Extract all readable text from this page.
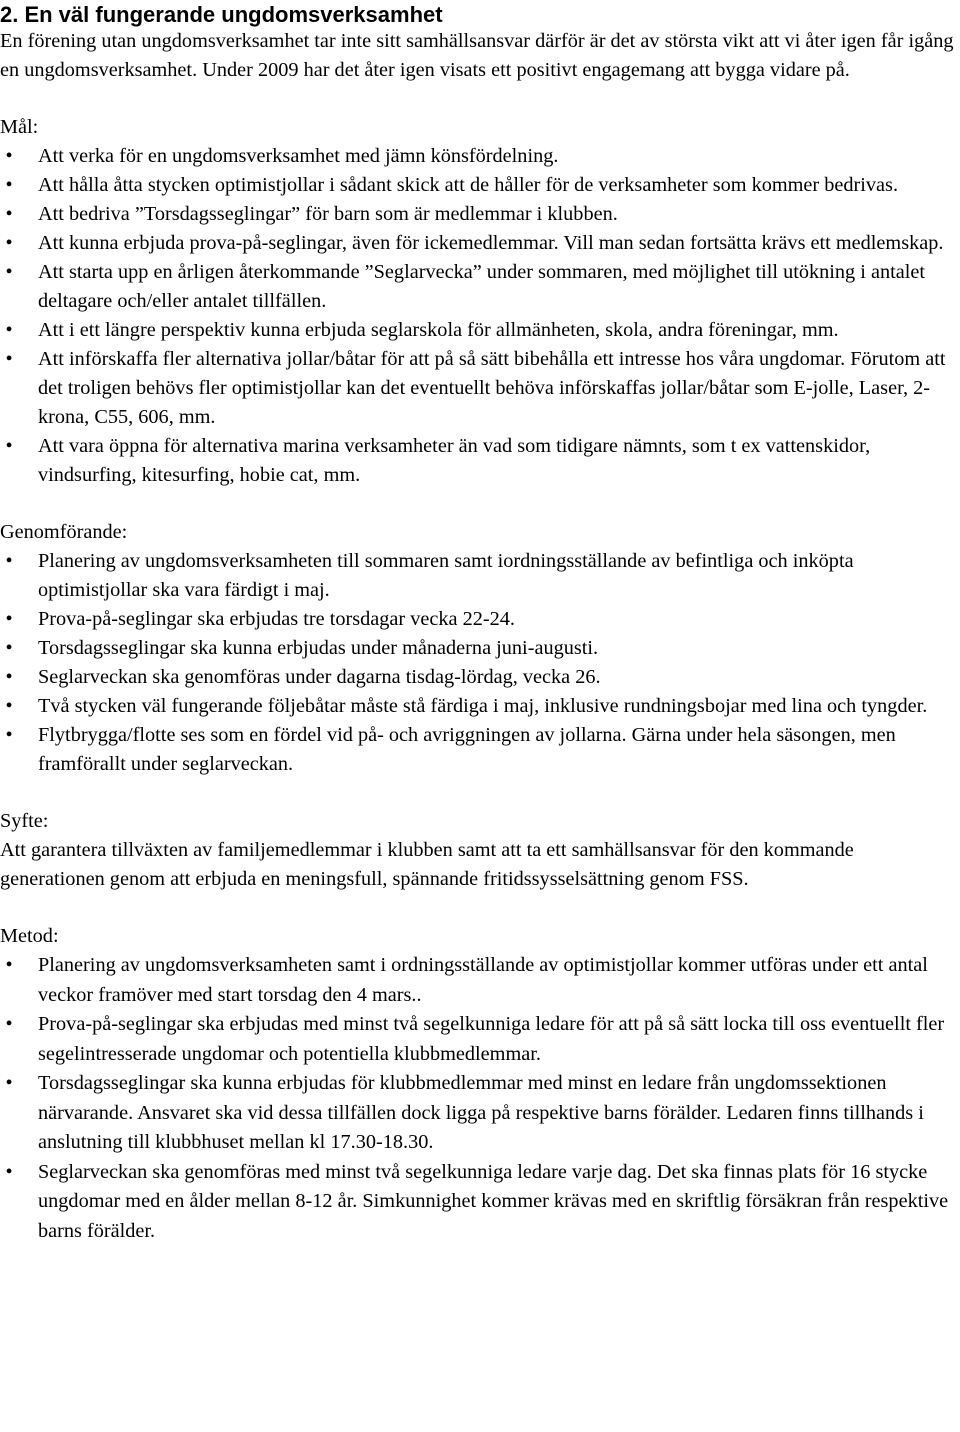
2. En väl fungerande ungdomsverksamhet

En förening utan ungdomsverksamhet tar inte sitt samhällsansvar därför är det av största vikt att vi åter igen får igång en ungdomsverksamhet. Under 2009 har det åter igen visats ett positivt engagemang att bygga vidare på.

Mål:

• Att verka för en ungdomsverksamhet med jämn könsfördelning.
• Att hålla åtta stycken optimistjollar i sådant skick att de håller för de verksamheter som kommer bedrivas.
• Att bedriva ”Torsdagsseglingar” för barn som är medlemmar i klubben.
• Att kunna erbjuda prova-på-seglingar, även för ickemedlemmar. Vill man sedan fortsätta krävs ett medlemskap.
• Att starta upp en årligen återkommande ”Seglarvecka” under sommaren, med möjlighet till utökning i antalet deltagare och/eller antalet tillfällen.
• Att i ett längre perspektiv kunna erbjuda seglarskola för allmänheten, skola, andra föreningar, mm.
• Att införskaffa fler alternativa jollar/båtar för att på så sätt bibehålla ett intresse hos våra ungdomar. Förutom att det troligen behövs fler optimistjollar kan det eventuellt behöva införskaffas jollar/båtar som E-jolle, Laser, 2-krona, C55, 606, mm.
• Att vara öppna för alternativa marina verksamheter än vad som tidigare nämnts, som t ex vattenskidor, vindsurfing, kitesurfing, hobie cat, mm.

Genomförande:

• Planering av ungdomsverksamheten till sommaren samt iordningsställande av befintliga och inköpta optimistjollar ska vara färdigt i maj.
• Prova-på-seglingar ska erbjudas tre torsdagar vecka 22-24.
• Torsdagsseglingar ska kunna erbjudas under månaderna juni-augusti.
• Seglarveckan ska genomföras under dagarna tisdag-lördag, vecka 26.
• Två stycken väl fungerande följebåtar måste stå färdiga i maj, inklusive rundningsbojar med lina och tyngder.
• Flytbrygga/flotte ses som en fördel vid på- och avriggningen av jollarna. Gärna under hela säsongen, men framförallt under seglarveckan.

Syfte:

Att garantera tillväxten av familjemedlemmar i klubben samt att ta ett samhällsansvar för den kommande generationen genom att erbjuda en meningsfull, spännande fritidssysselsättning genom FSS.

Metod:

• Planering av ungdomsverksamheten samt i ordningsställande av optimistjollar kommer utföras under ett antal veckor framöver med start torsdag den 4 mars..
• Prova-på-seglingar ska erbjudas med minst två segelkunniga ledare för att på så sätt locka till oss eventuellt fler segelintresserade ungdomar och potentiella klubbmedlemmar.
• Torsdagsseglingar ska kunna erbjudas för klubbmedlemmar med minst en ledare från ungdomssektionen närvarande. Ansvaret ska vid dessa tillfällen dock ligga på respektive barns förälder. Ledaren finns tillhands i anslutning till klubbhuset mellan kl 17.30-18.30.
• Seglarveckan ska genomföras med minst två segelkunniga ledare varje dag. Det ska finnas plats för 16 stycke ungdomar med en ålder mellan 8-12 år. Simkunnighet kommer krävas med en skriftlig försäkran från respektive barns förälder.
